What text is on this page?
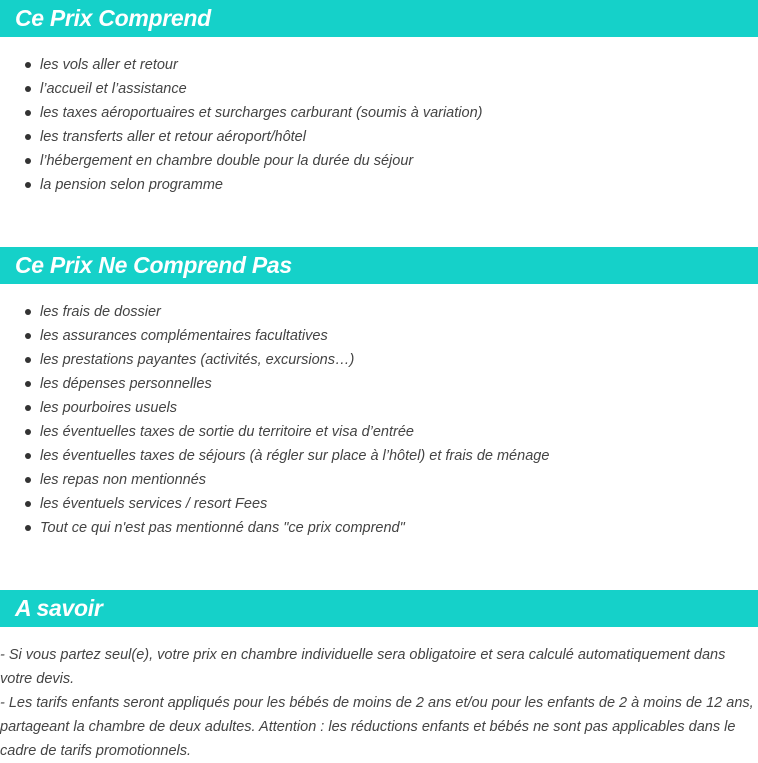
Ce Prix Comprend
les vols aller et retour
l’accueil et l’assistance
les taxes aéroportuaires et surcharges carburant (soumis à variation)
les transferts aller et retour aéroport/hôtel
l’hébergement en chambre double pour la durée du séjour
la pension selon programme
Ce Prix Ne Comprend Pas
les frais de dossier
les assurances complémentaires facultatives
les prestations payantes (activités, excursions…)
les dépenses personnelles
les pourboires usuels
les éventuelles taxes de sortie du territoire et visa d’entrée
les éventuelles taxes de séjours (à régler sur place à l’hôtel) et frais de ménage
les repas non mentionnés
les éventuels services / resort Fees
Tout ce qui n'est pas mentionné dans "ce prix comprend"
A savoir

- Si vous partez seul(e), votre prix en chambre individuelle sera obligatoire et sera calculé automatiquement dans votre devis.

- Les tarifs enfants seront appliqués pour les bébés de moins de 2 ans et/ou pour les enfants de 2 à moins de 12 ans, partageant la chambre de deux adultes. Attention : les réductions enfants et bébés ne sont pas applicables dans le cadre de tarifs promotionnels.
